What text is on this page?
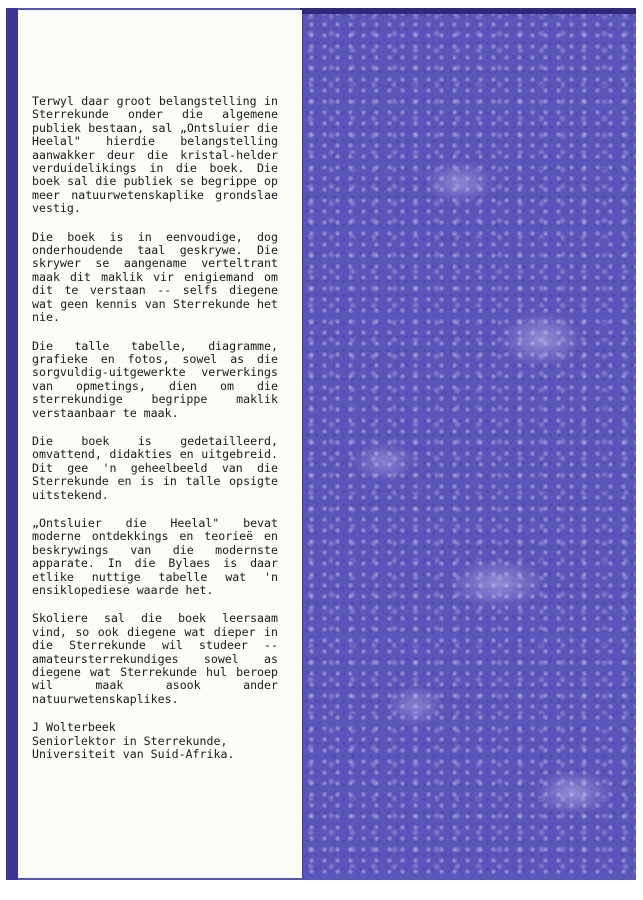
Terwyl daar groot belangstelling in Sterrekunde onder die algemene publiek bestaan, sal „Ontsluier die Heelal" hierdie belangstelling aanwakker deur die kristal-helder verduidelikings in die boek. Die boek sal die publiek se begrippe op meer natuurwetenskaplike grondslae vestig.

Die boek is in eenvoudige, dog onderhoudende taal geskrywe. Die skrywer se aangename verteltrant maak dit maklik vir enigiemand om dit te verstaan -- selfs diegene wat geen kennis van Sterrekunde het nie.

Die talle tabelle, diagramme, grafieke en fotos, sowel as die sorgvuldig-uitgewerkte verwerkings van opmetings, dien om die sterrekundige begrippe maklik verstaanbaar te maak.

Die boek is gedetailleerd, omvattend, didakties en uitgebreid. Dit gee 'n geheelbeeld van die Sterrekunde en is in talle opsigte uitstekend.

„Ontsluier die Heelal" bevat moderne ontdekkings en teorieë en beskrywings van die modernste apparate. In die Bylaes is daar etlike nuttige tabelle wat 'n ensiklopediese waarde het.

Skoliere sal die boek leersaam vind, so ook diegene wat dieper in die Sterrekunde wil studeer -- amateursterrekundiges sowel as diegene wat Sterrekunde hul beroep wil maak asook ander natuurwetenskaplikes.

J Wolterbeek
Seniorlektor in Sterrekunde,
Universiteit van Suid-Afrika.
